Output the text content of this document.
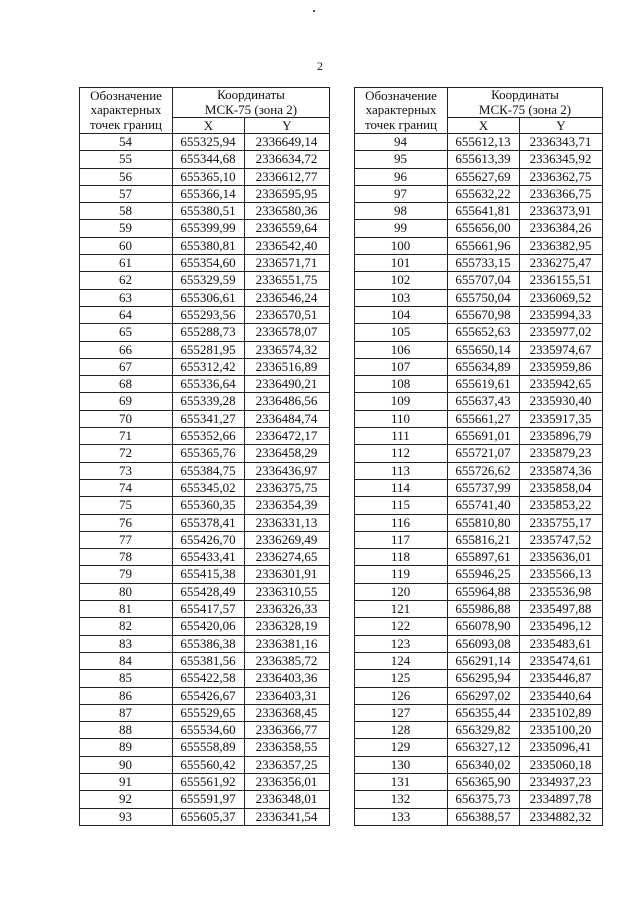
2
Обозначение
характерных
точек границ	Координаты
МСК-75 (зона 2)	
	X	Y
54	655325,94	2336649,14
55	655344,68	2336634,72
56	655365,10	2336612,77
57	655366,14	2336595,95
58	655380,51	2336580,36
59	655399,99	2336559,64
60	655380,81	2336542,40
61	655354,60	2336571,71
62	655329,59	2336551,75
63	655306,61	2336546,24
64	655293,56	2336570,51
65	655288,73	2336578,07
66	655281,95	2336574,32
67	655312,42	2336516,89
68	655336,64	2336490,21
69	655339,28	2336486,56
70	655341,27	2336484,74
71	655352,66	2336472,17
72	655365,76	2336458,29
73	655384,75	2336436,97
74	655345,02	2336375,75
75	655360,35	2336354,39
76	655378,41	2336331,13
77	655426,70	2336269,49
78	655433,41	2336274,65
79	655415,38	2336301,91
80	655428,49	2336310,55
81	655417,57	2336326,33
82	655420,06	2336328,19
83	655386,38	2336381,16
84	655381,56	2336385,72
85	655422,58	2336403,36
86	655426,67	2336403,31
87	655529,65	2336368,45
88	655534,60	2336366,77
89	655558,89	2336358,55
90	655560,42	2336357,25
91	655561,92	2336356,01
92	655591,97	2336348,01
93	655605,37	2336341,54
Обозначение
характерных
точек границ	Координаты
МСК-75 (зона 2)	
	X	Y
94	655612,13	2336343,71
95	655613,39	2336345,92
96	655627,69	2336362,75
97	655632,22	2336366,75
98	655641,81	2336373,91
99	655656,00	2336384,26
100	655661,96	2336382,95
101	655733,15	2336275,47
102	655707,04	2336155,51
103	655750,04	2336069,52
104	655670,98	2335994,33
105	655652,63	2335977,02
106	655650,14	2335974,67
107	655634,89	2335959,86
108	655619,61	2335942,65
109	655637,43	2335930,40
110	655661,27	2335917,35
111	655691,01	2335896,79
112	655721,07	2335879,23
113	655726,62	2335874,36
114	655737,99	2335858,04
115	655741,40	2335853,22
116	655810,80	2335755,17
117	655816,21	2335747,52
118	655897,61	2335636,01
119	655946,25	2335566,13
120	655964,88	2335536,98
121	655986,88	2335497,88
122	656078,90	2335496,12
123	656093,08	2335483,61
124	656291,14	2335474,61
125	656295,94	2335446,87
126	656297,02	2335440,64
127	656355,44	2335102,89
128	656329,82	2335100,20
129	656327,12	2335096,41
130	656340,02	2335060,18
131	656365,90	2334937,23
132	656375,73	2334897,78
133	656388,57	2334882,32
